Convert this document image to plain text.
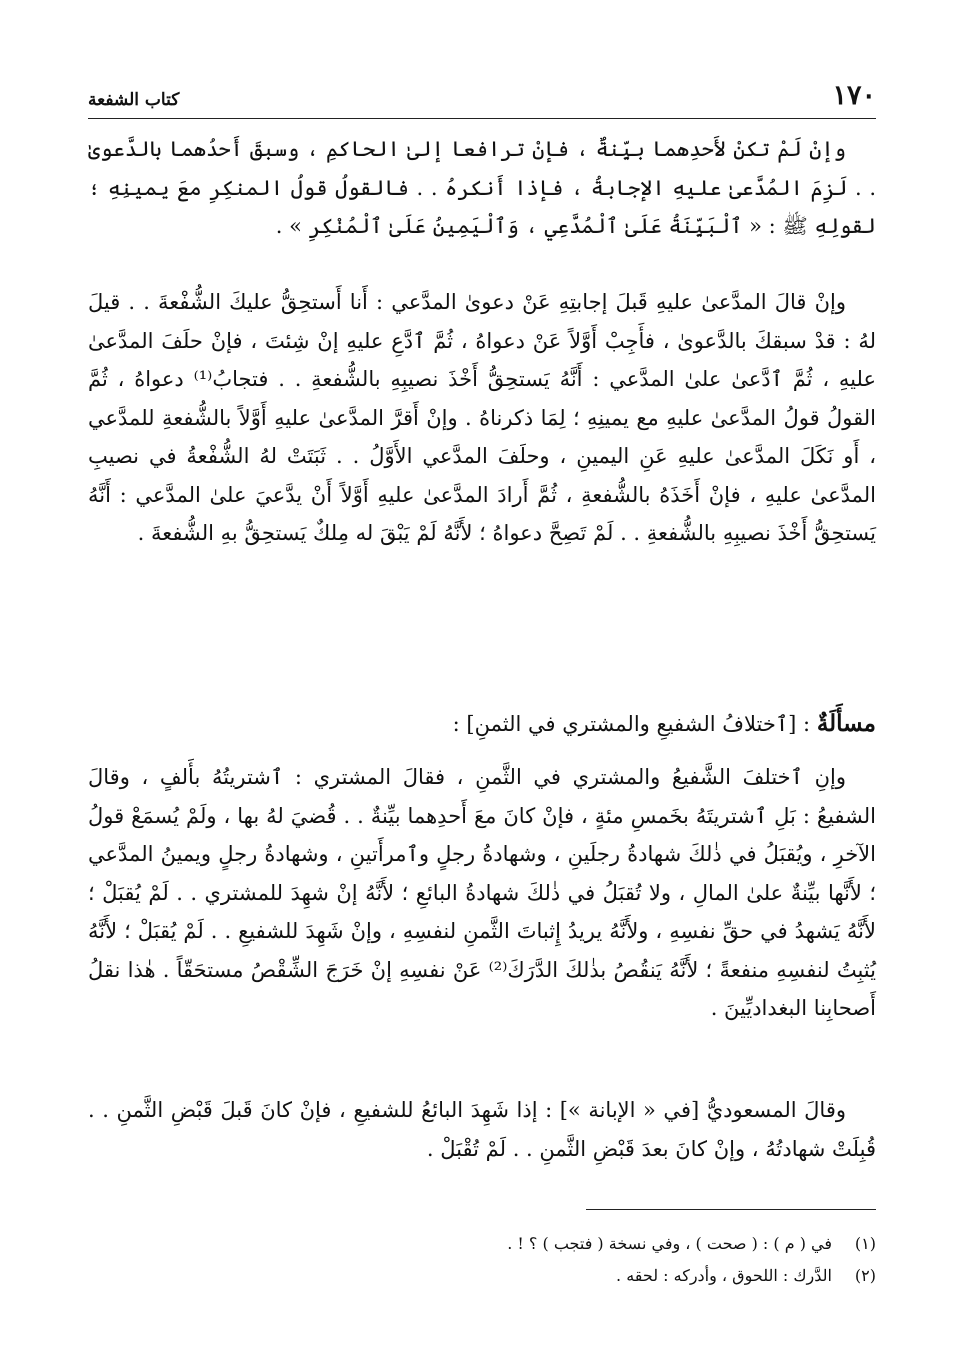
١٧٠
كتاب الشفعة

وإنْ لَمْ تكنْ لأَحدِهما بيِّنةٌ ، فإنْ ترافعا إلىٰ الحاكمِ ، وسبقَ أَحدُهما بالدَّعوىٰ . . لَزِمَ المُدَّعىٰ عليهِ الإجابةُ ، فإذا أَنكرهُ . . فالقولُ قولُ المنكِرِ معَ يمينِهِ ؛ لقولِهِ ﷺ : « ٱلْبَيِّنَةُ عَلَىٰ ٱلْمُدَّعِي ، وَٱلْيَمِينُ عَلَىٰ ٱلْمُنْكِرِ » .

وإنْ قالَ المدَّعىٰ عليهِ قَبلَ إجابتِهِ عَنْ دعوىٰ المدَّعي : أَنا أَستحِقُّ عليكَ الشُّفْعةَ . . قيلَ لهُ : قدْ سبقكَ بالدَّعوىٰ ، فأَجِبْ أَوَّلاً عَنْ دعواهُ ، ثُمَّ ٱدَّعِ عليهِ إنْ شِئتَ ، فإنْ حلَفَ المدَّعىٰ عليهِ ، ثُمَّ ٱدَّعىٰ علىٰ المدَّعي : أَنَّهُ يَستحِقُّ أَخْذَ نصيبِهِ بالشُّفعةِ . . فتجابُ⁽¹⁾ دعواهُ ، ثُمَّ القولُ قولُ المدَّعىٰ عليهِ مع يمينِهِ ؛ لِمَا ذكرناهُ . وإنْ أَقرَّ المدَّعىٰ عليهِ أَوَّلاً بالشُّفعةِ للمدَّعي ، أَو نَكَلَ المدَّعىٰ عليهِ عَنِ اليمينِ ، وحلَفَ المدَّعي الأَوَّلُ . . ثَبَتَتْ لهُ الشُّفْعةُ في نصيبِ المدَّعىٰ عليهِ ، فإنْ أَخَذَهُ بالشُّفعةِ ، ثُمَّ أَرادَ المدَّعىٰ عليهِ أَوَّلاً أَنْ يدَّعيَ علىٰ المدَّعي : أَنَّهُ يَستحِقُّ أَخْذَ نصيبِهِ بالشُّفعةِ . . لَمْ تَصِحَّ دعواهُ ؛ لأَنَّهُ لَمْ يَبْقَ له مِلكٌ يَستحِقُّ بهِ الشُّفعةَ .

مسأَلَةٌ : [ٱختلافُ الشفيعِ والمشتري في الثمنِ] :

وإنِ ٱختلفَ الشَّفيعُ والمشتري في الثَّمنِ ، فقالَ المشتري : ٱشتريتُهُ بأَلفٍ ، وقالَ الشفيعُ : بَلِ ٱشتريتَهُ بخَمسِ مئةٍ ، فإنْ كانَ معَ أَحدِهما بيِّنةٌ . . قُضيَ لهُ بها ، ولَمْ يُسمَعْ قولُ الآخرِ ، ويُقبَلُ في ذٰلكَ شهادةُ رجلَينِ ، وشهادةُ رجلٍ وٱمرأَتينِ ، وشهادةُ رجلٍ ويمينُ المدَّعي ؛ لأَنَّها بيِّنةٌ علىٰ المالِ ، ولا تُقبَلُ في ذٰلكَ شهادةُ البائعِ ؛ لأَنَّهُ إنْ شهِدَ للمشتري . . لَمْ يُقبَلْ ؛ لأَنَّهُ يَشهدُ في حقِّ نفسِهِ ، ولأَنَّهُ يريدُ إِثباتَ الثَّمنِ لنفسِهِ ، وإنْ شَهِدَ للشفيعِ . . لَمْ يُقبَلْ ؛ لأَنَّهُ يُثبِتُ لنفسِهِ منفعةً ؛ لأَنَّهُ يَنقُصُ بذٰلكَ الدَّرَكَ⁽²⁾ عَنْ نفسِهِ إنْ خَرَجَ الشِّقْصُ مستحَقّاً . هٰذا نقلُ أَصحابِنا البغداديِّينَ .

وقالَ المسعوديُّ [في « الإبانة »] : إذا شَهِدَ البائعُ للشفيعِ ، فإنْ كانَ قَبلَ قَبْضِ الثَّمنِ . . قُبِلَتْ شهادتُهُ ، وإنْ كانَ بعدَ قَبْضِ الثَّمنِ . . لَمْ تُقْبَلْ .

(١)
في ( م ) : ( صحت ) ، وفي نسخة ( فتجب ) ؟ ! .
(٢)
الدَّرك : اللحوق ، وأدركه : لحقه .
